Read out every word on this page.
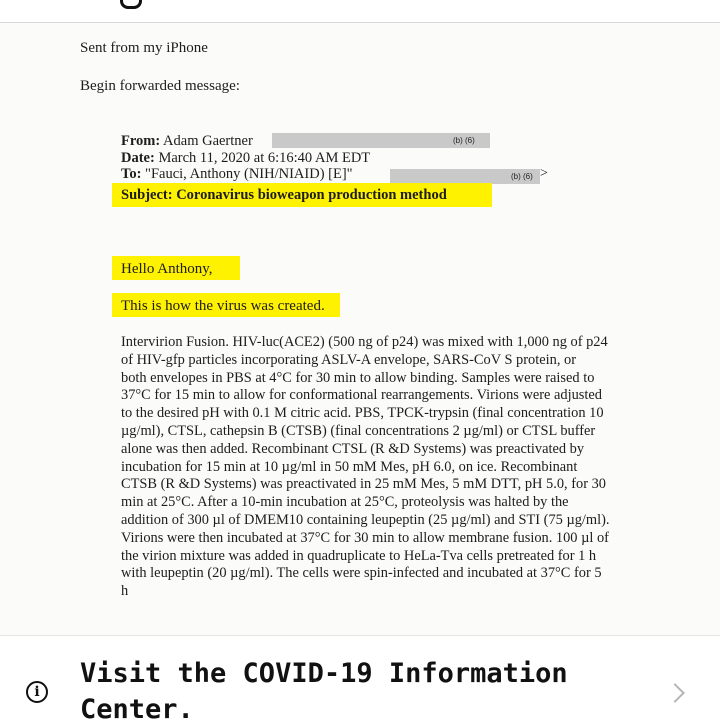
Sent from my iPhone
Begin forwarded message:
From: Adam Gaertner	(b) (6)
Date: March 11, 2020 at 6:16:40 AM EDT
To: "Fauci, Anthony (NIH/NIAID) [E]"	(b) (6) >
Subject: Coronavirus bioweapon production method
Hello Anthony,
This is how the virus was created.
Intervirion Fusion. HIV-luc(ACE2) (500 ng of p24) was mixed with 1,000 ng of p24
of HIV-gfp particles incorporating ASLV-A envelope, SARS-CoV S protein, or
both envelopes in PBS at 4°C for 30 min to allow binding. Samples were raised to
37°C for 15 min to allow for conformational rearrangements. Virions were adjusted
to the desired pH with 0.1 M citric acid. PBS, TPCK-trypsin (final concentration 10
µg/ml), CTSL, cathepsin B (CTSB) (final concentrations 2 µg/ml) or CTSL buffer
alone was then added. Recombinant CTSL (R &D Systems) was preactivated by
incubation for 15 min at 10 µg/ml in 50 mM Mes, pH 6.0, on ice. Recombinant
CTSB (R &D Systems) was preactivated in 25 mM Mes, 5 mM DTT, pH 5.0, for 30
min at 25°C. After a 10-min incubation at 25°C, proteolysis was halted by the
addition of 300 µl of DMEM10 containing leupeptin (25 µg/ml) and STI (75 µg/ml).
Virions were then incubated at 37°C for 30 min to allow membrane fusion. 100 µl of
the virion mixture was added in quadruplicate to HeLa-Tva cells pretreated for 1 h
with leupeptin (20 µg/ml). The cells were spin-infected and incubated at 37°C for 5
h
i
Visit the COVID-19 Information Center.
